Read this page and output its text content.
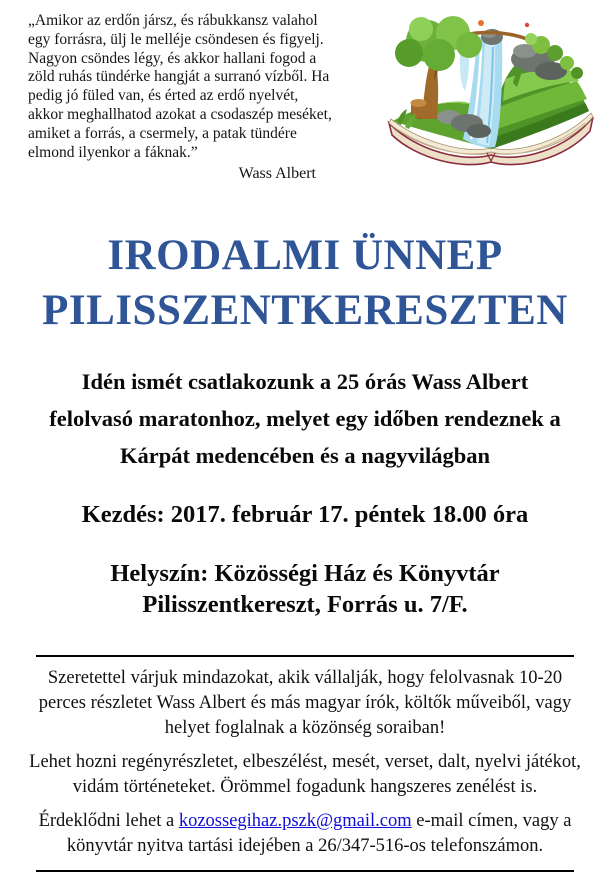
„Amikor az erdőn jársz, és rábukkansz valahol
egy forrásra, ülj le melléje csöndesen és figyelj.
Nagyon csöndes légy, és akkor hallani fogod a
zöld ruhás tündérke hangját a surranó vízből. Ha
pedig jó füled van, és érted az erdő nyelvét,
akkor meghallhatod azokat a csodaszép meséket,
amiket a forrás, a csermely, a patak tündére
elmond ilyenkor a fáknak.”
Wass Albert
IRODALMI ÜNNEP
PILISSZENTKERESZTEN

Idén ismét csatlakozunk a 25 órás Wass Albert
felolvasó maratonhoz, melyet egy időben rendeznek a
Kárpát medencében és a nagyvilágban

Kezdés: 2017. február 17. péntek 18.00 óra

Helyszín: Közösségi Ház és Könyvtár
Pilisszentkereszt, Forrás u. 7/F.

Szeretettel várjuk mindazokat, akik vállalják, hogy felolvasnak 10-20
perces részletet Wass Albert és más magyar írók, költők műveiből, vagy
helyet foglalnak a közönség soraiban!

Lehet hozni regényrészletet, elbeszélést, mesét, verset, dalt, nyelvi játékot,
vidám történeteket. Örömmel fogadunk hangszeres zenélést is.

Érdeklődni lehet a kozossegihaz.pszk@gmail.com e-mail címen, vagy a
könyvtár nyitva tartási idejében a 26/347-516-os telefonszámon.
